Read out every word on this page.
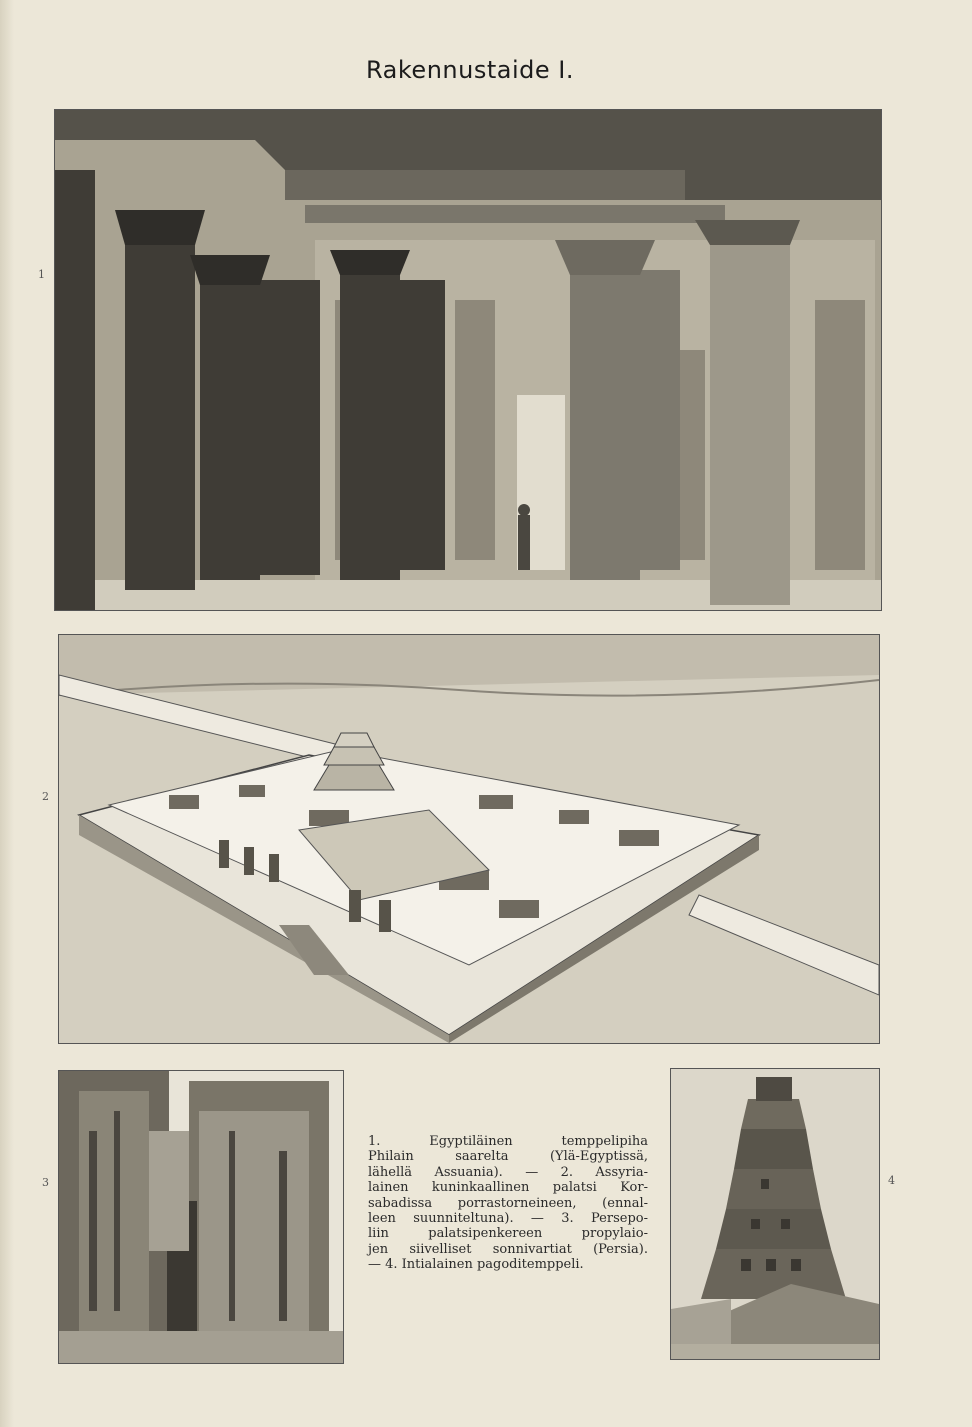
Rakennustaide I.
1
2
3
1. Egyptiläinen temppelipiha
Philain saarelta (Ylä-Egyptissä,
lähellä Assuania). — 2. Assyria-
lainen kuninkaallinen palatsi Kor-
sabadissa porrastorneineen, (ennal-
leen suunniteltuna). — 3. Persepo-
liin palatsipenkereen propylaio-
jen siivelliset sonnivartiat (Persia).
— 4. Intialainen pagoditemppeli.
4
